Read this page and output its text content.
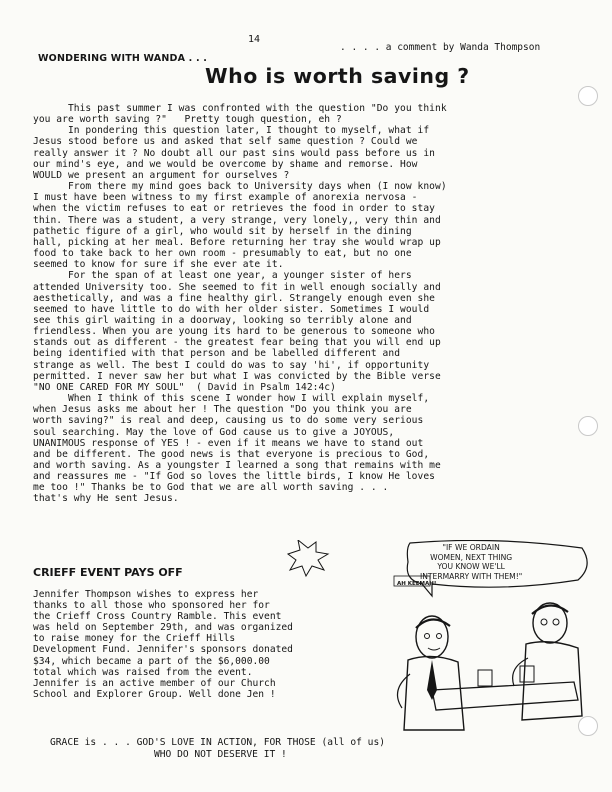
14
. . . . a comment by Wanda Thompson
WONDERING WITH WANDA . . .
Who is worth saving ?
This past summer I was confronted with the question "Do you think
you are worth saving ?"   Pretty tough question, eh ?
In pondering this question later, I thought to myself, what if
Jesus stood before us and asked that self same question ? Could we
really answer it ? No doubt all our past sins would pass before us in
our mind's eye, and we would be overcome by shame and remorse. How
WOULD we present an argument for ourselves ?
From there my mind goes back to University days when (I now know)
I must have been witness to my first example of anorexia nervosa -
when the victim refuses to eat or retrieves the food in order to stay
thin. There was a student, a very strange, very lonely,, very thin and
pathetic figure of a girl, who would sit by herself in the dining
hall, picking at her meal. Before returning her tray she would wrap up
food to take back to her own room - presumably to eat, but no one
seemed to know for sure if she ever ate it.
For the span of at least one year, a younger sister of hers
attended University too. She seemed to fit in well enough socially and
aesthetically, and was a fine healthy girl. Strangely enough even she
seemed to have little to do with her older sister. Sometimes I would
see this girl waiting in a doorway, looking so terribly alone and
friendless. When you are young its hard to be generous to someone who
stands out as different - the greatest fear being that you will end up
being identified with that person and be labelled different and
strange as well. The best I could do was to say 'hi', if opportunity
permitted. I never saw her but what I was convicted by the Bible verse
"NO ONE CARED FOR MY SOUL"  ( David in Psalm 142:4c)
When I think of this scene I wonder how I will explain myself,
when Jesus asks me about her ! The question "Do you think you are
worth saving?" is real and deep, causing us to do some very serious
soul searching. May the love of God cause us to give a JOYOUS,
UNANIMOUS response of YES ! - even if it means we have to stand out
and be different. The good news is that everyone is precious to God,
and worth saving. As a youngster I learned a song that remains with me
and reassures me - "If God so loves the little birds, I know He loves
me too !" Thanks be to God that we are all worth saving . . .
that's why He sent Jesus.
CRIEFF EVENT PAYS OFF
Jennifer Thompson wishes to express her
thanks to all those who sponsored her for
the Crieff Cross Country Ramble. This event
was held on September 29th, and was organized
to raise money for the Crieff Hills
Development Fund. Jennifer's sponsors donated
$34, which became a part of the $6,000.00
total which was raised from the event.
Jennifer is an active member of our Church
School and Explorer Group. Well done Jen !
"IF WE ORDAIN
WOMEN, NEXT THING
YOU KNOW WE'LL
INTERMARRY WITH THEM!"
AH KEEMAH!
GRACE is . . . GOD'S LOVE IN ACTION, FOR THOSE (all of us)
WHO DO NOT DESERVE IT !
